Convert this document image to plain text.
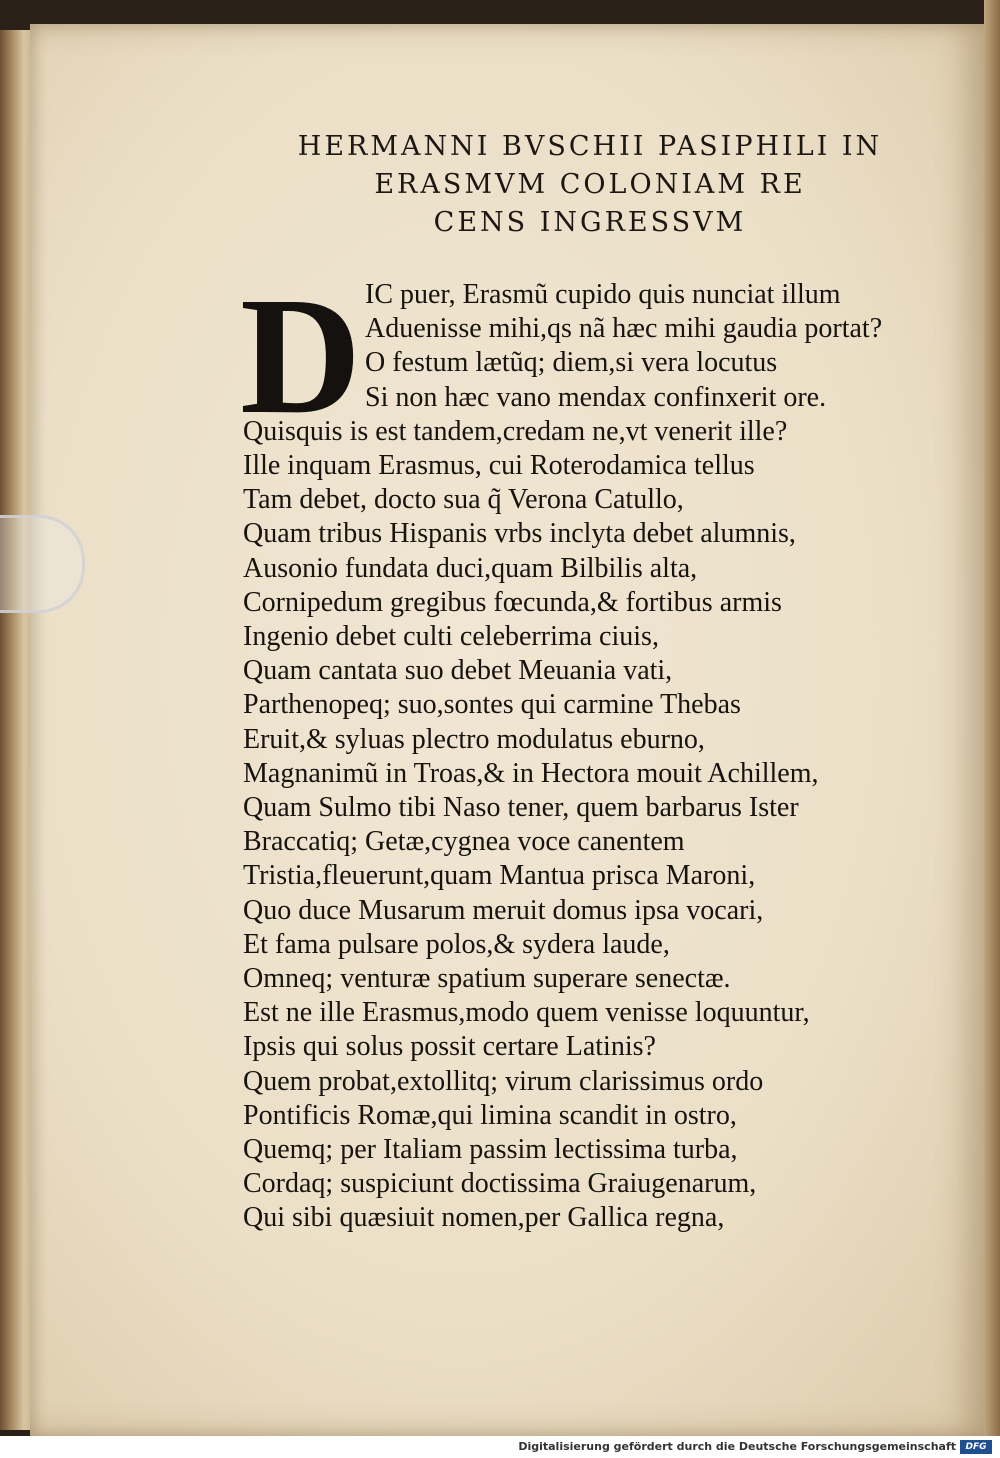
HERMANNI BVSCHII PASIPHILI IN
ERASMVM COLONIAM RE
CENS INGRESSVM
D IC puer, Erasmũ cupido quis nunciat illum
Aduenisse mihi,qs nã hæc mihi gaudia portat?
O festum lætũq; diem,si vera locutus
Si non hæc vano mendax confinxerit ore.
Quisquis is est tandem,credam ne,vt venerit ille?
Ille inquam Erasmus, cui Roterodamica tellus
Tam debet, docto sua q̃ Verona Catullo,
Quam tribus Hispanis vrbs inclyta debet alumnis,
Ausonio fundata duci,quam Bilbilis alta,
Cornipedum gregibus fœcunda,& fortibus armis
Ingenio debet culti celeberrima ciuis,
Quam cantata suo debet Meuania vati,
Parthenopeq; suo,sontes qui carmine Thebas
Eruit,& syluas plectro modulatus eburno,
Magnanimũ in Troas,& in Hectora mouit Achillem,
Quam Sulmo tibi Naso tener, quem barbarus Ister
Braccatiq; Getæ,cygnea voce canentem
Tristia,fleuerunt,quam Mantua prisca Maroni,
Quo duce Musarum meruit domus ipsa vocari,
Et fama pulsare polos,& sydera laude,
Omneq; venturæ spatium superare senectæ.
Est ne ille Erasmus,modo quem venisse loquuntur,
Ipsis qui solus possit certare Latinis?
Quem probat,extollitq; virum clarissimus ordo
Pontificis Romæ,qui limina scandit in ostro,
Quemq; per Italiam passim lectissima turba,
Cordaq; suspiciunt doctissima Graiugenarum,
Qui sibi quæsiuit nomen,per Gallica regna,
Digitalisierung gefördert durch die Deutsche Forschungsgemeinschaft	DFG
